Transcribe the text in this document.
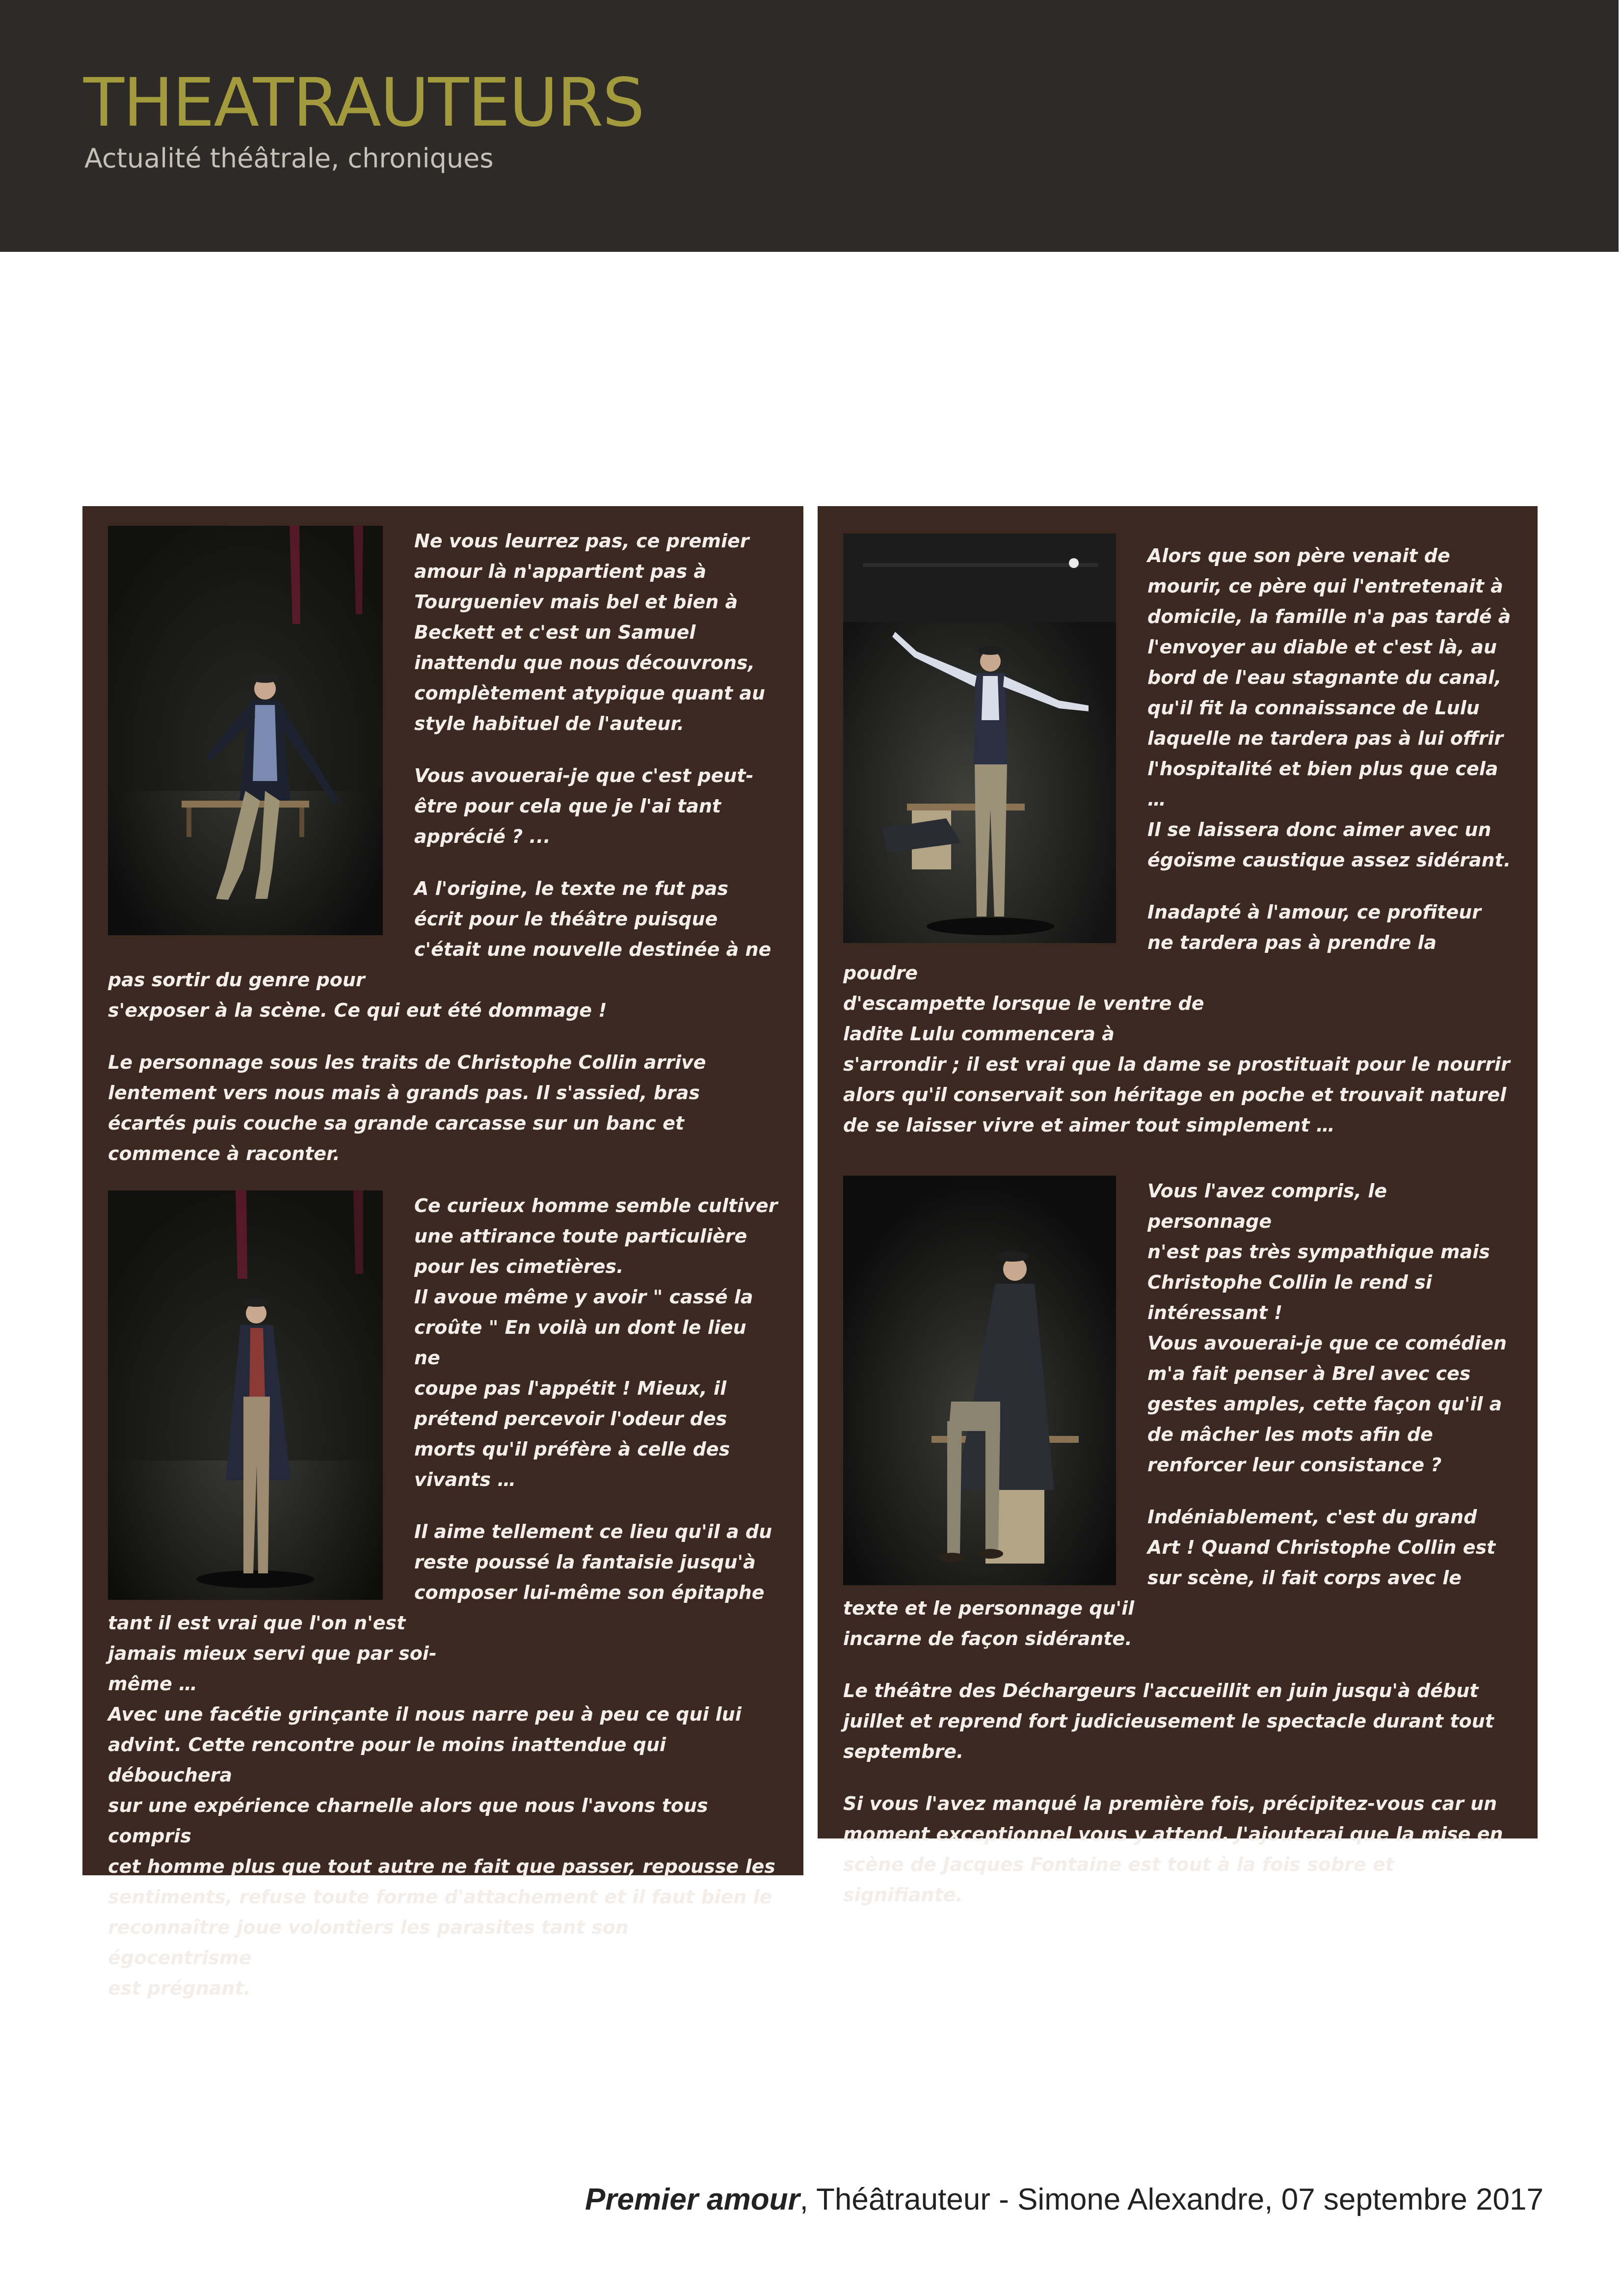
THEATRAUTEURS
Actualité théâtrale, chroniques

Ne vous leurrez pas, ce premier
amour là n'appartient pas à
Tourgueniev mais bel et bien à
Beckett et c'est un Samuel
inattendu que nous découvrons,
complètement atypique quant au
style habituel de l'auteur.

Vous avouerai-je que c'est peut-
être pour cela que je l'ai tant
apprécié ? ...

A l'origine, le texte ne fut pas
écrit pour le théâtre puisque
c'était une nouvelle destinée à ne pas sortir du genre pour
s'exposer à la scène. Ce qui eut été dommage !

Le personnage sous les traits de Christophe Collin arrive
lentement vers nous mais à grands pas. Il s'assied, bras
écartés puis couche sa grande carcasse sur un banc et
commence à raconter.

Ce curieux homme semble cultiver
une attirance toute particulière
pour les cimetières.
Il avoue même y avoir " cassé la
croûte " En voilà un dont le lieu ne
coupe pas l'appétit ! Mieux, il
prétend percevoir l'odeur des
morts qu'il préfère à celle des
vivants …

Il aime tellement ce lieu qu'il a du
reste poussé la fantaisie jusqu'à
composer lui-même son épitaphe
tant il est vrai que l'on n'est
jamais mieux servi que par soi-
même …

Avec une facétie grinçante il nous narre peu à peu ce qui lui
advint. Cette rencontre pour le moins inattendue qui débouchera
sur une expérience charnelle alors que nous l'avons tous compris
cet homme plus que tout autre ne fait que passer, repousse les
sentiments, refuse toute forme d'attachement et il faut bien le
reconnaître joue volontiers les parasites tant son égocentrisme
est prégnant.

Alors que son père venait de
mourir, ce père qui l'entretenait à
domicile, la famille n'a pas tardé à
l'envoyer au diable et c'est là, au
bord de l'eau stagnante du canal,
qu'il fit la connaissance de Lulu
laquelle ne tardera pas à lui offrir
l'hospitalité et bien plus que cela …
Il se laissera donc aimer avec un
égoïsme caustique assez sidérant.

Inadapté à l'amour, ce profiteur
ne tardera pas à prendre la poudre
d'escampette lorsque le ventre de
ladite Lulu commencera à
s'arrondir ; il est vrai que la dame se prostituait pour le nourrir
alors qu'il conservait son héritage en poche et trouvait naturel
de se laisser vivre et aimer tout simplement …

Vous l'avez compris, le personnage
n'est pas très sympathique mais
Christophe Collin le rend si
intéressant !
Vous avouerai-je que ce comédien
m'a fait penser à Brel avec ces
gestes amples, cette façon qu'il a
de mâcher les mots afin de
renforcer leur consistance ?

Indéniablement, c'est du grand
Art ! Quand Christophe Collin est
sur scène, il fait corps avec le
texte et le personnage qu'il
incarne de façon sidérante.

Le théâtre des Déchargeurs l'accueillit en juin jusqu'à début
juillet et reprend fort judicieusement le spectacle durant tout
septembre.

Si vous l'avez manqué la première fois, précipitez-vous car un
moment exceptionnel vous y attend. J'ajouterai que la mise en
scène de Jacques Fontaine est tout à la fois sobre et
signifiante.

Premier amour, Théâtrauteur - Simone Alexandre, 07 septembre 2017
